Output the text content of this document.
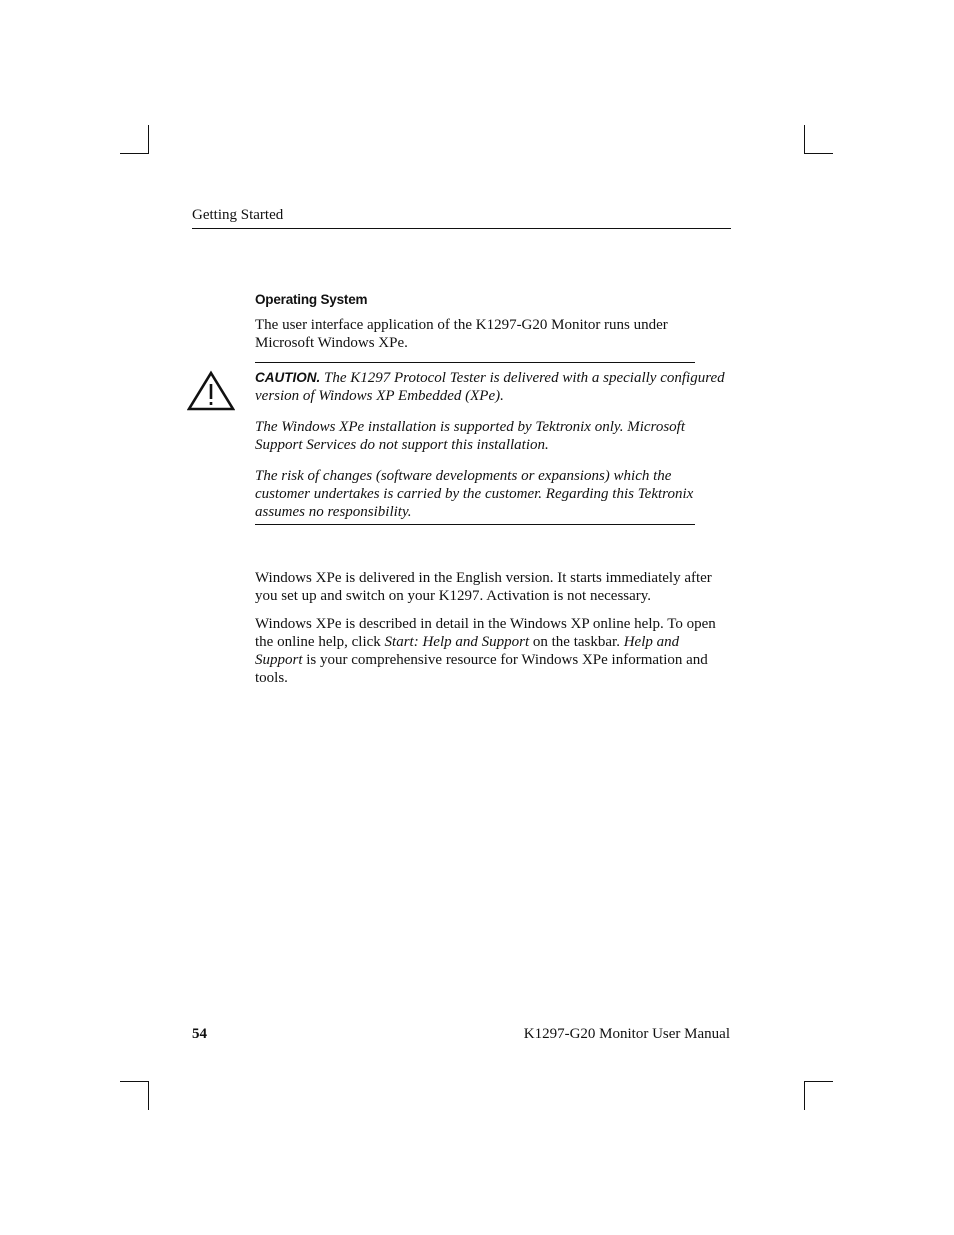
Getting Started
Operating System

The user interface application of the K1297-G20 Monitor runs under Microsoft Windows XPe.

CAUTION. The K1297 Protocol Tester is delivered with a specially configured version of Windows XP Embedded (XPe).
The Windows XPe installation is supported by Tektronix only. Microsoft Support Services do not support this installation.
The risk of changes (software developments or expansions) which the customer undertakes is carried by the customer. Regarding this Tektronix assumes no responsibility.

Windows XPe is delivered in the English version. It starts immediately after you set up and switch on your K1297. Activation is not necessary.

Windows XPe is described in detail in the Windows XP online help. To open the online help, click Start: Help and Support on the taskbar. Help and Support is your comprehensive resource for Windows XPe information and tools.

54	K1297-G20 Monitor User Manual
